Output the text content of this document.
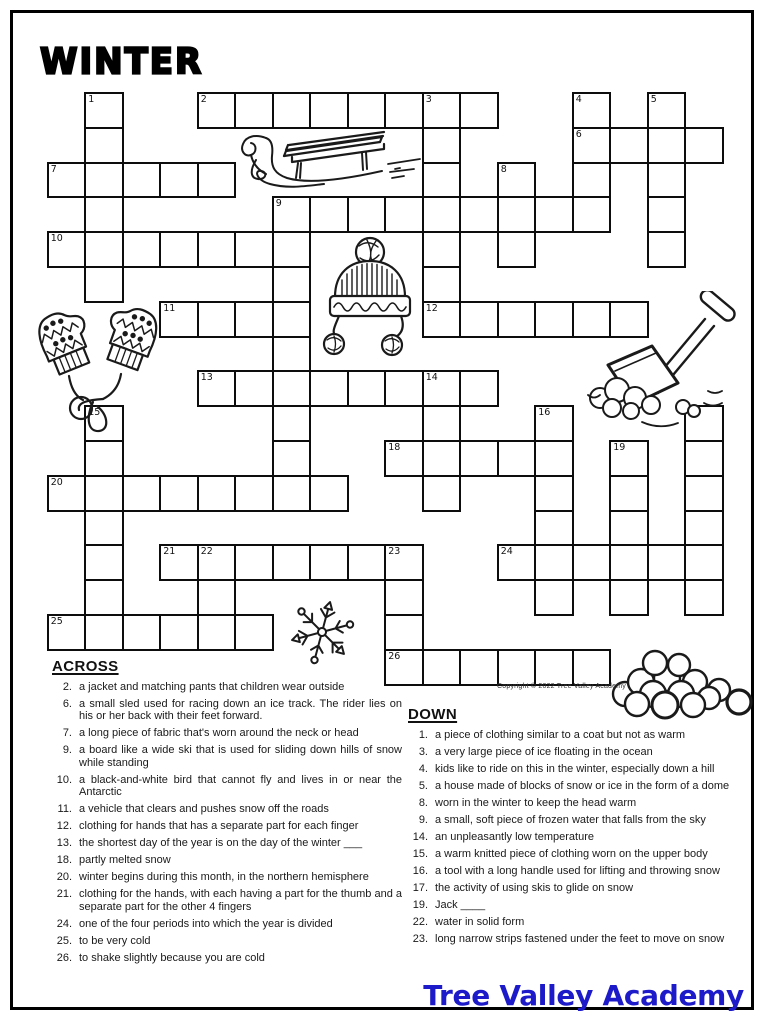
WINTER
1	2	3
12
4
6
5
7	8
9
10
11
13	14
15	16
18	19
20
21	22	23
26
24
25
Copyright © 2022 Tree Valley Academy
ACROSS
2. a jacket and matching pants that children wear outside
6. a small sled used for racing down an ice track. The rider lies on his or her back with their feet forward.
7. a long piece of fabric that's worn around the neck or head
9. a board like a wide ski that is used for sliding down hills of snow while standing
10. a black-and-white bird that cannot fly and lives in or near the Antarctic
11. a vehicle that clears and pushes snow off the roads
12. clothing for hands that has a separate part for each finger
13. the shortest day of the year is on the day of the winter ___
18. partly melted snow
20. winter begins during this month, in the northern hemisphere
21. clothing for the hands, with each having a part for the thumb and a separate part for the other 4 fingers
24. one of the four periods into which the year is divided
25. to be very cold
26. to shake slightly because you are cold
DOWN
1. a piece of clothing similar to a coat but not as warm
3. a very large piece of ice floating in the ocean
4. kids like to ride on this in the winter, especially down a hill
5. a house made of blocks of snow or ice in the form of a dome
8. worn in the winter to keep the head warm
9. a small, soft piece of frozen water that falls from the sky
14. an unpleasantly low temperature
15. a warm knitted piece of clothing worn on the upper body
16. a tool with a long handle used for lifting and throwing snow
17. the activity of using skis to glide on snow
19. Jack ____
22. water in solid form
23. long narrow strips fastened under the feet to move on snow
Tree Valley Academy
